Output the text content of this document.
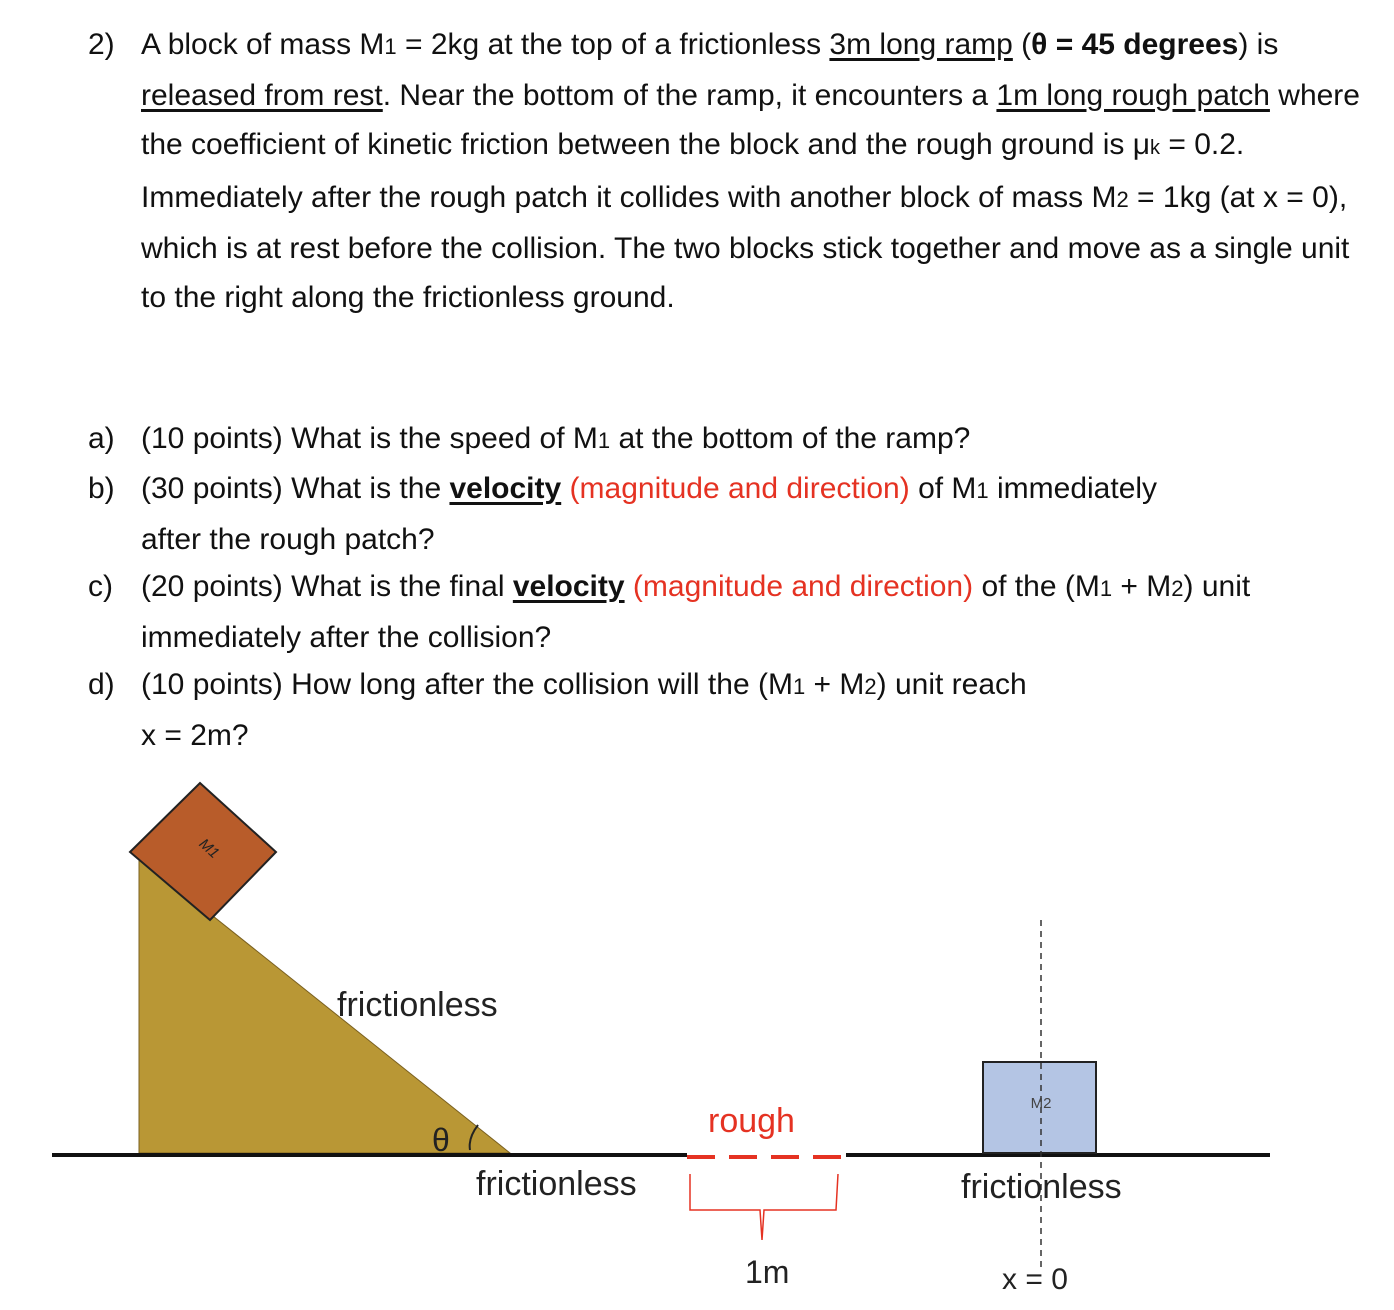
2) A block of mass M1 = 2kg at the top of a frictionless 3m long ramp (θ = 45 degrees) is released from rest. Near the bottom of the ramp, it encounters a 1m long rough patch where the coefficient of kinetic friction between the block and the rough ground is μk = 0.2. Immediately after the rough patch it collides with another block of mass M2 = 1kg (at x = 0), which is at rest before the collision. The two blocks stick together and move as a single unit to the right along the frictionless ground.
a) (10 points) What is the speed of M1 at the bottom of the ramp?
b) (30 points) What is the velocity (magnitude and direction) of M1 immediately after the rough patch?
c) (20 points) What is the final velocity (magnitude and direction) of the (M1 + M2) unit immediately after the collision?
d) (10 points) How long after the collision will the (M1 + M2) unit reach
x = 2m?
M1
frictionless
θ
frictionless
rough
1m
M2
frictionless
x = 0
